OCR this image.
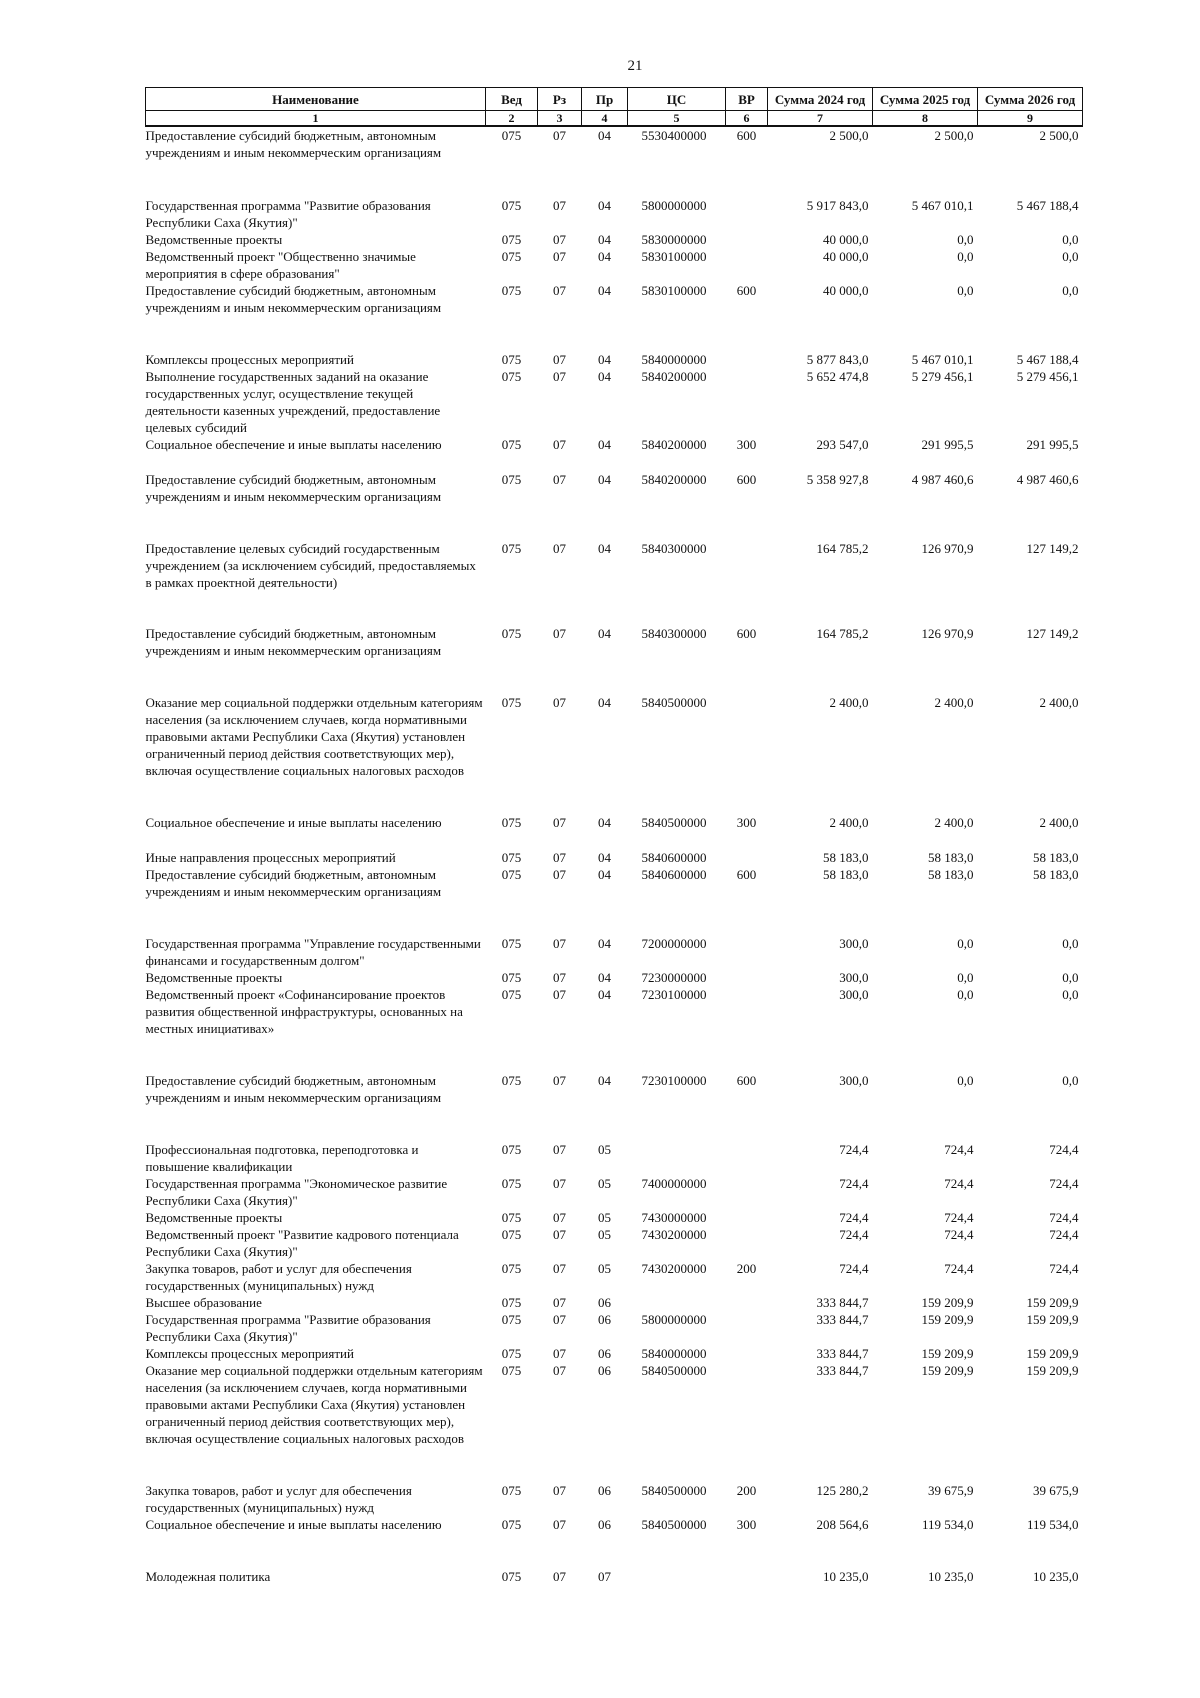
21
Наименование	Вед	Рз	Пр	ЦС	ВР	Сумма 2024 год	Сумма 2025 год	Сумма 2026 год
1	2	3	4	5	6	7	8	9
Предоставление субсидий бюджетным, автономным учреждениям и иным некоммерческим организациям	075	07	04	5530400000	600	2 500,0	2 500,0	2 500,0
Государственная программа "Развитие образования Республики Саха (Якутия)"	075	07	04	5800000000		5 917 843,0	5 467 010,1	5 467 188,4
Ведомственные проекты	075	07	04	5830000000		40 000,0	0,0	0,0
Ведомственный проект "Общественно значимые мероприятия в сфере образования"	075	07	04	5830100000		40 000,0	0,0	0,0
Предоставление субсидий бюджетным, автономным учреждениям и иным некоммерческим организациям	075	07	04	5830100000	600	40 000,0	0,0	0,0
Комплексы процессных мероприятий	075	07	04	5840000000		5 877 843,0	5 467 010,1	5 467 188,4
Выполнение государственных заданий на оказание государственных услуг, осуществление текущей деятельности казенных учреждений, предоставление целевых субсидий	075	07	04	5840200000		5 652 474,8	5 279 456,1	5 279 456,1
Социальное обеспечение и иные выплаты населению	075	07	04	5840200000	300	293 547,0	291 995,5	291 995,5
Предоставление субсидий бюджетным, автономным учреждениям и иным некоммерческим организациям	075	07	04	5840200000	600	5 358 927,8	4 987 460,6	4 987 460,6
Предоставление целевых субсидий государственным учреждением (за исключением субсидий, предоставляемых в рамках проектной деятельности)	075	07	04	5840300000		164 785,2	126 970,9	127 149,2
Предоставление субсидий бюджетным, автономным учреждениям и иным некоммерческим организациям	075	07	04	5840300000	600	164 785,2	126 970,9	127 149,2
Оказание мер социальной поддержки отдельным категориям населения (за исключением случаев, когда нормативными правовыми актами Республики Саха (Якутия) установлен ограниченный период действия соответствующих мер), включая осуществление социальных налоговых расходов	075	07	04	5840500000		2 400,0	2 400,0	2 400,0
Социальное обеспечение и иные выплаты населению	075	07	04	5840500000	300	2 400,0	2 400,0	2 400,0
Иные направления процессных мероприятий	075	07	04	5840600000		58 183,0	58 183,0	58 183,0
Предоставление субсидий бюджетным, автономным учреждениям и иным некоммерческим организациям	075	07	04	5840600000	600	58 183,0	58 183,0	58 183,0
Государственная программа "Управление государственными финансами и государственным долгом"	075	07	04	7200000000		300,0	0,0	0,0
Ведомственные проекты	075	07	04	7230000000		300,0	0,0	0,0
Ведомственный проект «Софинансирование проектов развития общественной инфраструктуры, основанных на местных инициативах»	075	07	04	7230100000		300,0	0,0	0,0
Предоставление субсидий бюджетным, автономным учреждениям и иным некоммерческим организациям	075	07	04	7230100000	600	300,0	0,0	0,0
Профессиональная подготовка, переподготовка и повышение квалификации	075	07	05			724,4	724,4	724,4
Государственная программа "Экономическое развитие Республики Саха (Якутия)"	075	07	05	7400000000		724,4	724,4	724,4
Ведомственные проекты	075	07	05	7430000000		724,4	724,4	724,4
Ведомственный проект "Развитие кадрового потенциала Республики Саха (Якутия)"	075	07	05	7430200000		724,4	724,4	724,4
Закупка товаров, работ и услуг для обеспечения государственных (муниципальных) нужд	075	07	05	7430200000	200	724,4	724,4	724,4
Высшее образование	075	07	06			333 844,7	159 209,9	159 209,9
Государственная программа "Развитие образования Республики Саха (Якутия)"	075	07	06	5800000000		333 844,7	159 209,9	159 209,9
Комплексы процессных мероприятий	075	07	06	5840000000		333 844,7	159 209,9	159 209,9
Оказание мер социальной поддержки отдельным категориям населения (за исключением случаев, когда нормативными правовыми актами Республики Саха (Якутия) установлен ограниченный период действия соответствующих мер), включая осуществление социальных налоговых расходов	075	07	06	5840500000		333 844,7	159 209,9	159 209,9
Закупка товаров, работ и услуг для обеспечения государственных (муниципальных) нужд	075	07	06	5840500000	200	125 280,2	39 675,9	39 675,9
Социальное обеспечение и иные выплаты населению	075	07	06	5840500000	300	208 564,6	119 534,0	119 534,0
Молодежная политика	075	07	07			10 235,0	10 235,0	10 235,0
